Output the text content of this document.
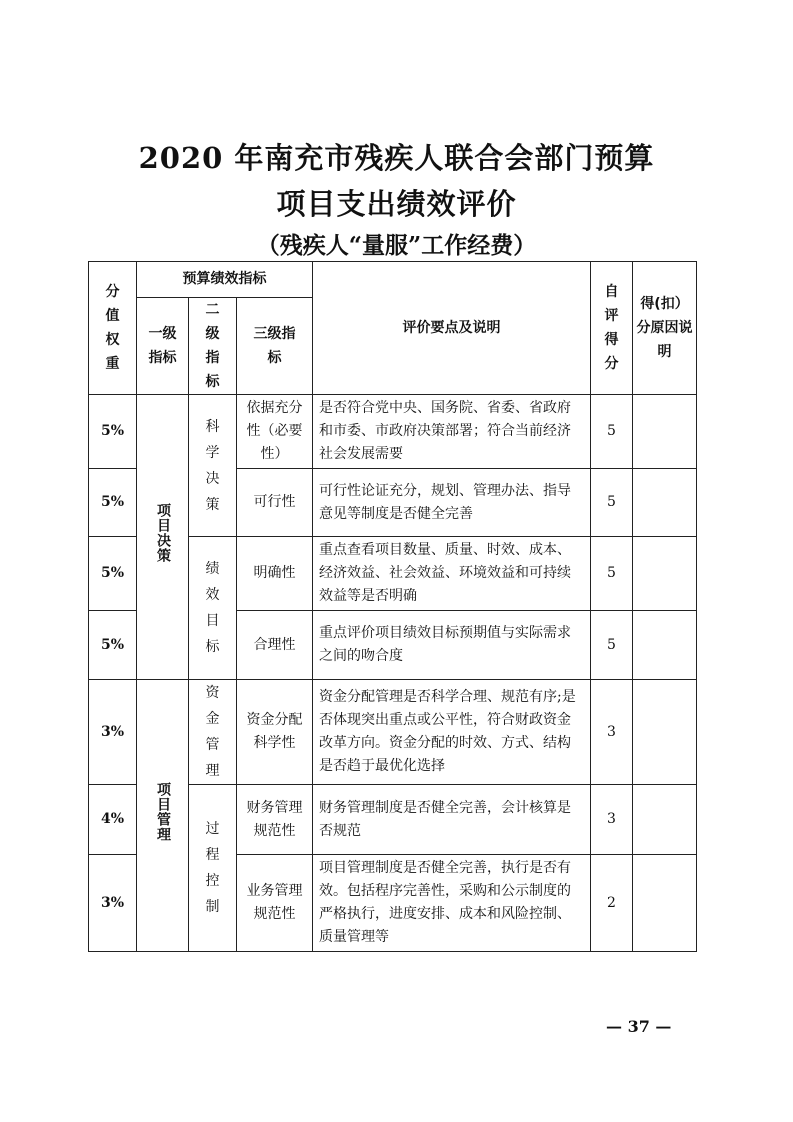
2020 年南充市残疾人联合会部门预算
项目支出绩效评价
（残疾人“量服”工作经费）
分值权重	预算绩效指标			评价要点及说明	自评得分	得(扣）分原因说明
	一级指标	二级指标	三级指标			
5%	项目决策	科学决策	依据充分性（必要性）	是否符合党中央、国务院、省委、省政府和市委、市政府决策部署；符合当前经济社会发展需要	5	
5%			可行性	可行性论证充分，规划、管理办法、指导意见等制度是否健全完善	5	
5%		绩效目标	明确性	重点查看项目数量、质量、时效、成本、经济效益、社会效益、环境效益和可持续效益等是否明确	5	
5%			合理性	重点评价项目绩效目标预期值与实际需求之间的吻合度	5	
3%	项目管理	资金管理	资金分配科学性	资金分配管理是否科学合理、规范有序;是否体现突出重点或公平性，符合财政资金改革方向。资金分配的时效、方式、结构是否趋于最优化选择	3	
4%		过程控制	财务管理规范性	财务管理制度是否健全完善，会计核算是否规范	3	
3%			业务管理规范性	项目管理制度是否健全完善，执行是否有效。包括程序完善性，采购和公示制度的严格执行，进度安排、成本和风险控制、质量管理等	2	
— 37 —
